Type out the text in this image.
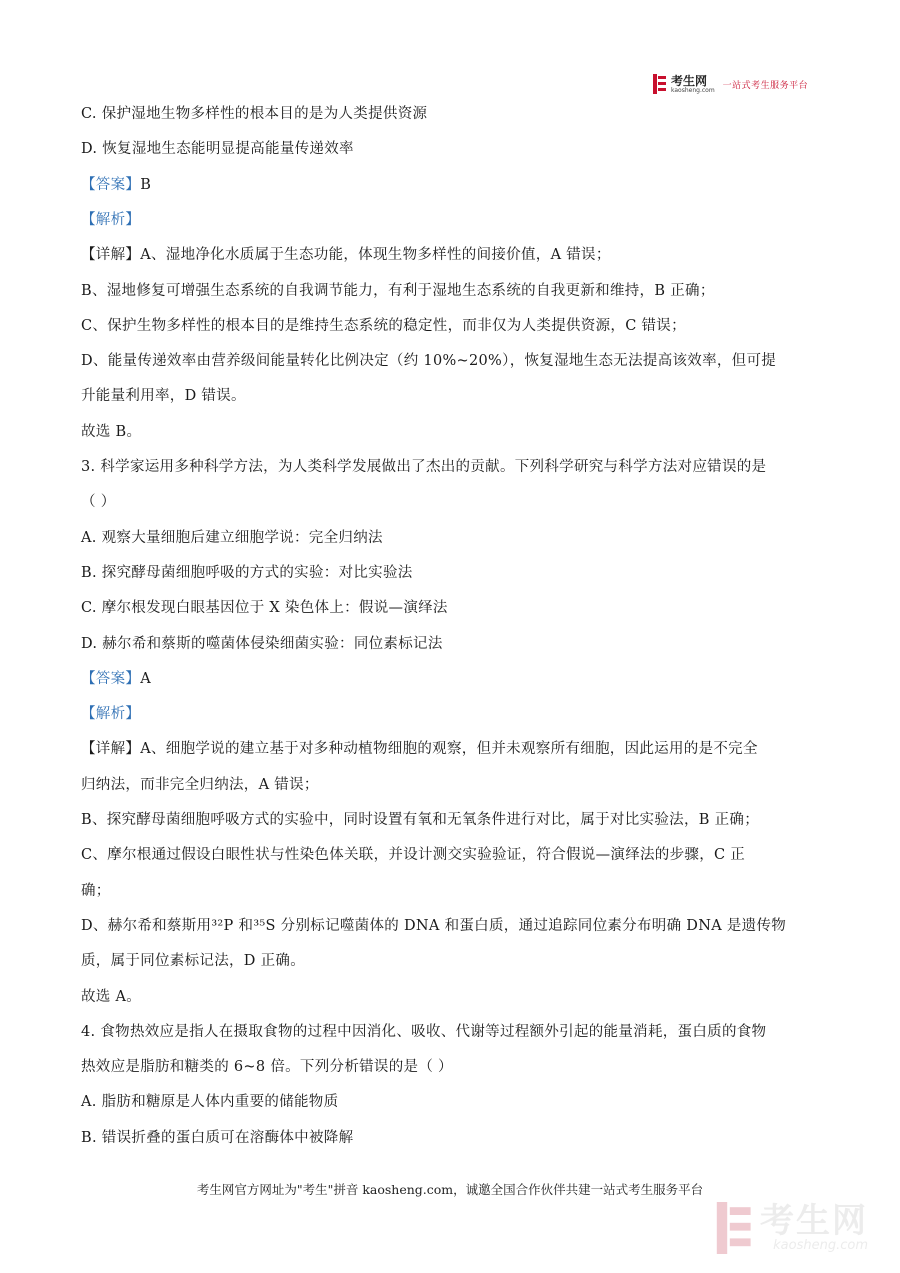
考生网
kaosheng.com 一站式考生服务平台
C. 保护湿地生物多样性的根本目的是为人类提供资源
D. 恢复湿地生态能明显提高能量传递效率
【答案】B
【解析】
【详解】A、湿地净化水质属于生态功能，体现生物多样性的间接价值，A 错误；
B、湿地修复可增强生态系统的自我调节能力，有利于湿地生态系统的自我更新和维持，B 正确；
C、保护生物多样性的根本目的是维持生态系统的稳定性，而非仅为人类提供资源，C 错误；
D、能量传递效率由营养级间能量转化比例决定（约 10%~20%），恢复湿地生态无法提高该效率，但可提
升能量利用率，D 错误。
故选 B。
3. 科学家运用多种科学方法，为人类科学发展做出了杰出的贡献。下列科学研究与科学方法对应错误的是
（ ）
A. 观察大量细胞后建立细胞学说：完全归纳法
B. 探究酵母菌细胞呼吸的方式的实验：对比实验法
C. 摩尔根发现白眼基因位于 X 染色体上：假说—演绎法
D. 赫尔希和蔡斯的噬菌体侵染细菌实验：同位素标记法
【答案】A
【解析】
【详解】A、细胞学说的建立基于对多种动植物细胞的观察，但并未观察所有细胞，因此运用的是不完全
归纳法，而非完全归纳法，A 错误；
B、探究酵母菌细胞呼吸方式的实验中，同时设置有氧和无氧条件进行对比，属于对比实验法，B 正确；
C、摩尔根通过假设白眼性状与性染色体关联，并设计测交实验验证，符合假说—演绎法的步骤，C 正
确；
D、赫尔希和蔡斯用³²P 和³⁵S 分别标记噬菌体的 DNA 和蛋白质，通过追踪同位素分布明确 DNA 是遗传物
质，属于同位素标记法，D 正确。
故选 A。
4. 食物热效应是指人在摄取食物的过程中因消化、吸收、代谢等过程额外引起的能量消耗，蛋白质的食物
热效应是脂肪和糖类的 6~8 倍。下列分析错误的是（ ）
A. 脂肪和糖原是人体内重要的储能物质
B. 错误折叠的蛋白质可在溶酶体中被降解
考生网官方网址为"考生"拼音 kaosheng.com，诚邀全国合作伙伴共建一站式考生服务平台
考生网
kaosheng.com
